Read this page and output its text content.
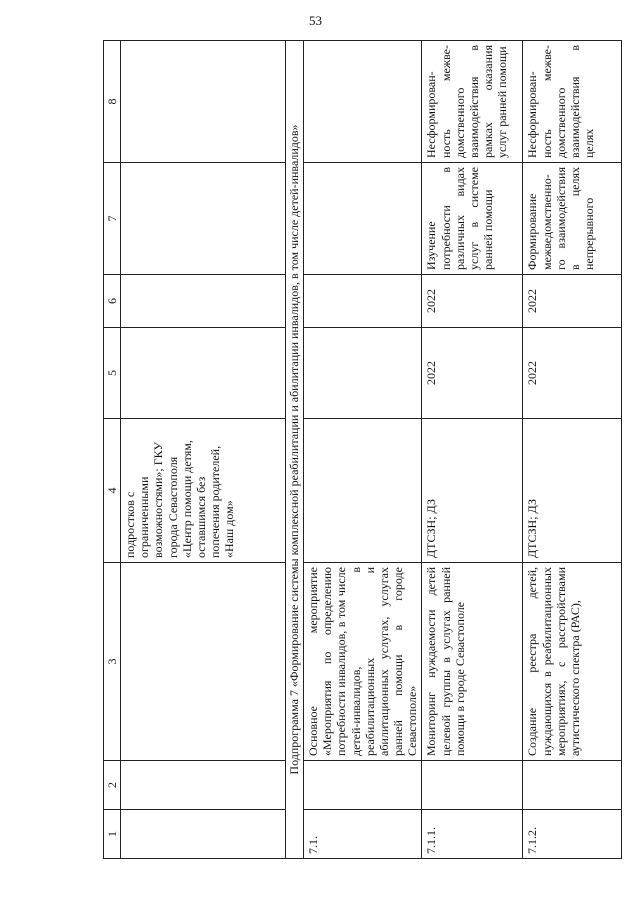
53
1	2	3	4	5	6	7	8
			подростков с ограниченными возможностями»; ГКУ города Севастополя «Центр помощи детям, оставшимся без попечения родителей, «Наш дом»				
Подпрограмма 7 «Формирование системы комплексной реабилитации и абилитации инвалидов, в том числе детей-инвалидов»							
7.1.		Основное мероприятие «Мероприятия по определению потребности инвалидов, в том числе детей-инвалидов, в реабилитационных и абилитационных услугах, услугах ранней помощи в городе Севастополе»					
7.1.1.		Мониторинг нуждаемости детей целевой группы в услугах ранней помощи в городе Севастополе	ДТСЗН; ДЗ	2022	2022	Изучение потребности в различных видах услуг в системе ранней помощи	Несформирован-ность межве-домственного взаимодействия в рамках оказания услуг ранней помощи
7.1.2.		Создание реестра детей, нуждающихся в реабилитационных мероприятиях, с расстройствами аутистического спектра (РАС),	ДТСЗН; ДЗ	2022	2022	Формирование межведомственно-го взаимодействия в целях непрерывного	Несформирован-ность межве-домственного взаимодействия в целях
